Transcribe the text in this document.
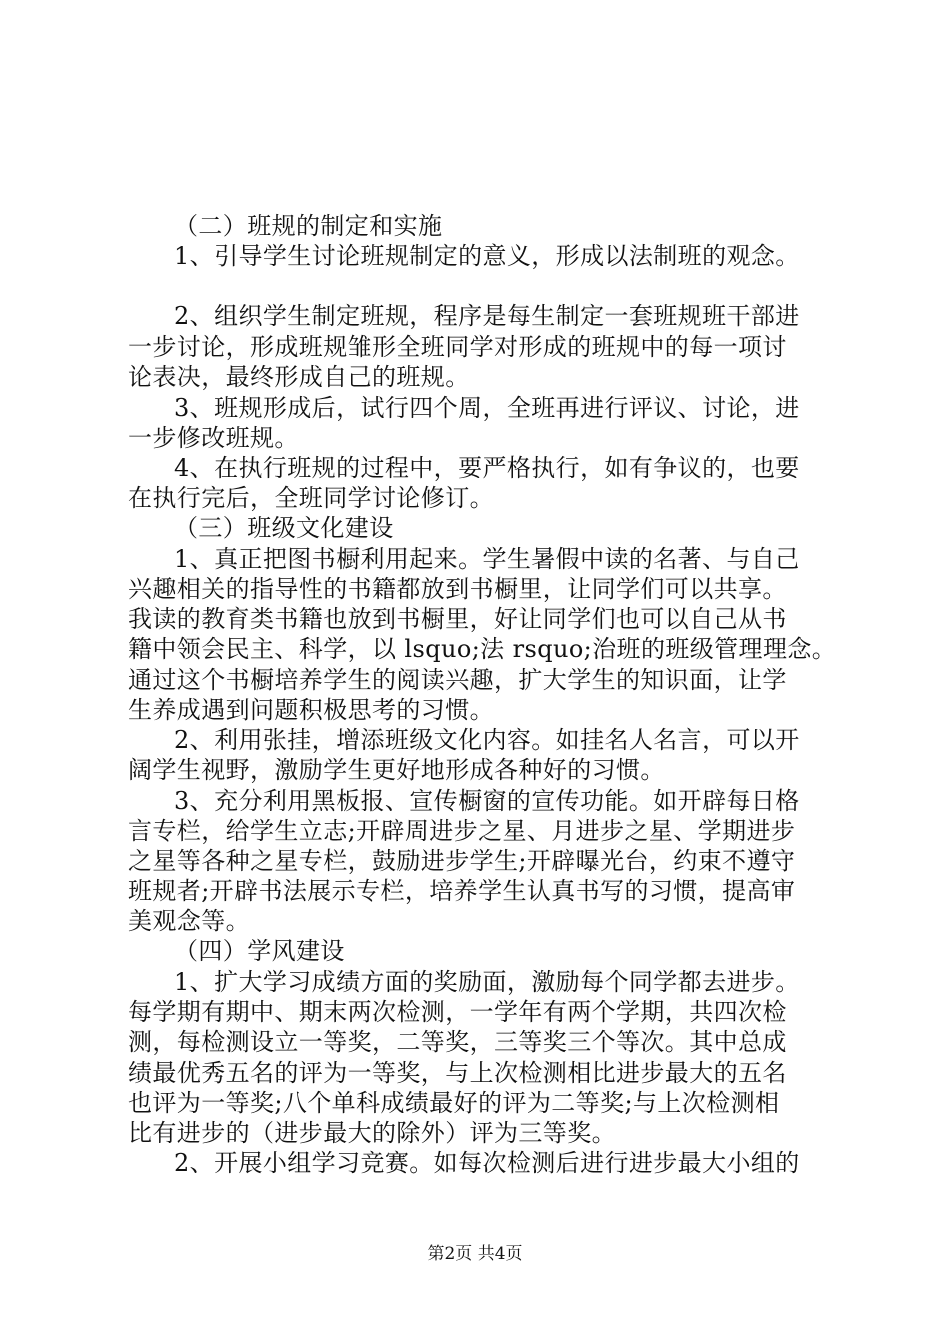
（二）班规的制定和实施
1、引导学生讨论班规制定的意义，形成以法制班的观念。
2、组织学生制定班规，程序是每生制定一套班规班干部进
一步讨论，形成班规雏形全班同学对形成的班规中的每一项讨
论表决，最终形成自己的班规。
3、班规形成后，试行四个周，全班再进行评议、讨论，进
一步修改班规。
4、在执行班规的过程中，要严格执行，如有争议的，也要
在执行完后，全班同学讨论修订。
（三）班级文化建设
1、真正把图书橱利用起来。学生暑假中读的名著、与自己
兴趣相关的指导性的书籍都放到书橱里，让同学们可以共享。
我读的教育类书籍也放到书橱里，好让同学们也可以自己从书
籍中领会民主、科学，以 lsquo;法 rsquo;治班的班级管理理念。
通过这个书橱培养学生的阅读兴趣，扩大学生的知识面，让学
生养成遇到问题积极思考的习惯。
2、利用张挂，增添班级文化内容。如挂名人名言，可以开
阔学生视野，激励学生更好地形成各种好的习惯。
3、充分利用黑板报、宣传橱窗的宣传功能。如开辟每日格
言专栏，给学生立志;开辟周进步之星、月进步之星、学期进步
之星等各种之星专栏，鼓励进步学生;开辟曝光台，约束不遵守
班规者;开辟书法展示专栏，培养学生认真书写的习惯，提高审
美观念等。
（四）学风建设
1、扩大学习成绩方面的奖励面，激励每个同学都去进步。
每学期有期中、期末两次检测，一学年有两个学期，共四次检
测，每检测设立一等奖，二等奖，三等奖三个等次。其中总成
绩最优秀五名的评为一等奖，与上次检测相比进步最大的五名
也评为一等奖;八个单科成绩最好的评为二等奖;与上次检测相
比有进步的（进步最大的除外）评为三等奖。
2、开展小组学习竞赛。如每次检测后进行进步最大小组的
第2页 共4页
